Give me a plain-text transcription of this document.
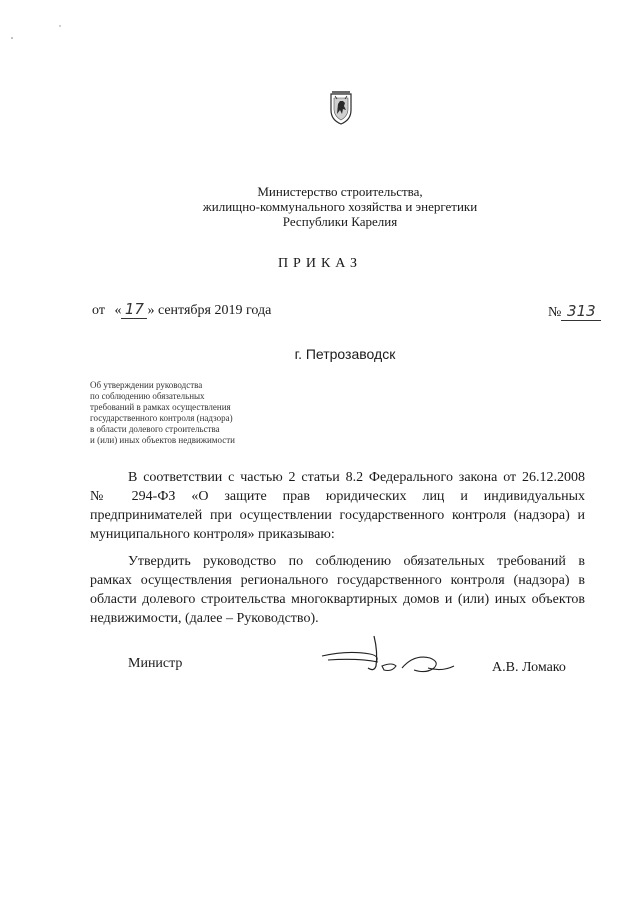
Министерство строительства,
жилищно-коммунального хозяйства и энергетики
Республики Карелия
ПРИКАЗ
от « 17 » сентября 2019 года	№ 313
г. Петрозаводск
Об утверждении руководства
по соблюдению обязательных
требований в рамках осуществления
государственного контроля (надзора)
в области долевого строительства
и (или) иных объектов недвижимости
В соответствии с частью 2 статьи 8.2 Федерального закона от 26.12.2008
№ 294-ФЗ «О защите прав юридических лиц и индивидуальных
предпринимателей при осуществлении государственного контроля (надзора) и
муниципального контроля» приказываю:
Утвердить руководство по соблюдению обязательных требований в
рамках осуществления регионального государственного контроля (надзора) в
области долевого строительства многоквартирных домов и (или) иных объектов
недвижимости, (далее – Руководство).
Министр	А.В. Ломако
